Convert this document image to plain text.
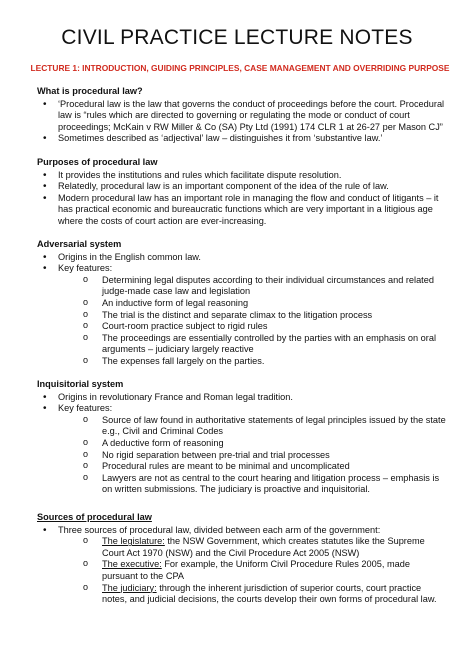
CIVIL PRACTICE LECTURE NOTES

LECTURE 1: INTRODUCTION, GUIDING PRINCIPLES, CASE MANAGEMENT AND OVERRIDING PURPOSE

What is procedural law?

• ‘Procedural law is the law that governs the conduct of proceedings before the court. Procedural law is “rules which are directed to governing or regulating the mode or conduct of court proceedings; McKain v RW Miller & Co (SA) Pty Ltd (1991) 174 CLR 1 at 26-27 per Mason CJ”
• Sometimes described as ‘adjectival’ law – distinguishes it from ‘substantive law.’

Purposes of procedural law

• It provides the institutions and rules which facilitate dispute resolution.
• Relatedly, procedural law is an important component of the idea of the rule of law.
• Modern procedural law has an important role in managing the flow and conduct of litigants – it has practical economic and bureaucratic functions which are very important in a litigious age where the costs of court action are ever-increasing.

Adversarial system

• Origins in the English common law.
• Key features:
o Determining legal disputes according to their individual circumstances and related judge-made case law and legislation
o An inductive form of legal reasoning
o The trial is the distinct and separate climax to the litigation process
o Court-room practice subject to rigid rules
o The proceedings are essentially controlled by the parties with an emphasis on oral arguments – judiciary largely reactive
o The expenses fall largely on the parties.

Inquisitorial system

• Origins in revolutionary France and Roman legal tradition.
• Key features:
o Source of law found in authoritative statements of legal principles issued by the state e.g., Civil and Criminal Codes
o A deductive form of reasoning
o No rigid separation between pre-trial and trial processes
o Procedural rules are meant to be minimal and uncomplicated
o Lawyers are not as central to the court hearing and litigation process – emphasis is on written submissions. The judiciary is proactive and inquisitorial.

Sources of procedural law

• Three sources of procedural law, divided between each arm of the government:
o The legislature: the NSW Government, which creates statutes like the Supreme Court Act 1970 (NSW) and the Civil Procedure Act 2005 (NSW)
o The executive: For example, the Uniform Civil Procedure Rules 2005, made pursuant to the CPA
o The judiciary: through the inherent jurisdiction of superior courts, court practice notes, and judicial decisions, the courts develop their own forms of procedural law.
